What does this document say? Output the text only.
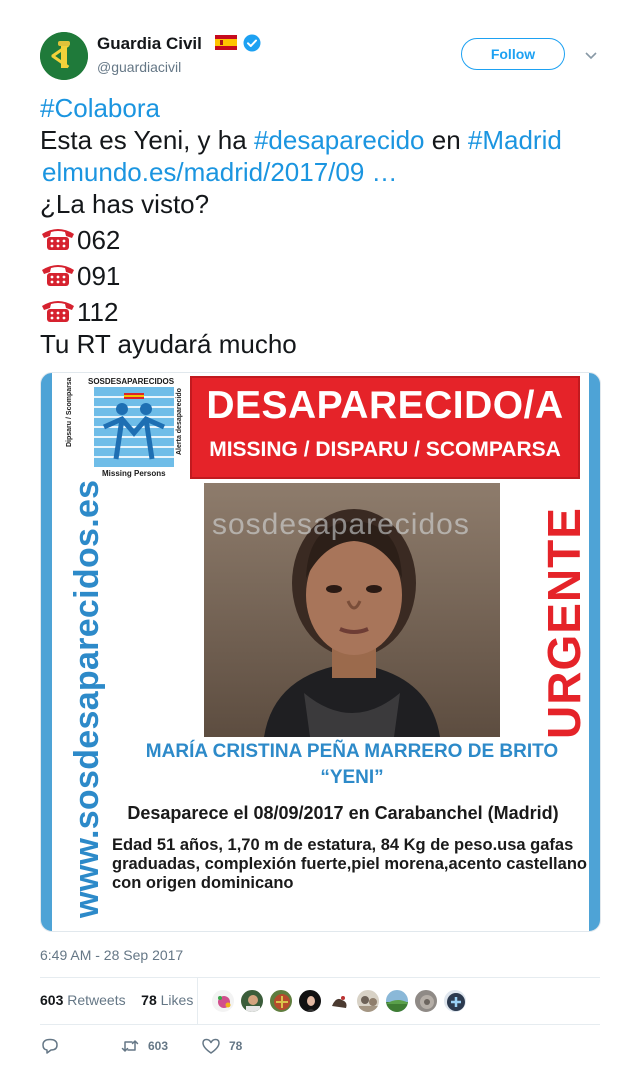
Guardia Civil
@guardiacivil
Follow
#Colabora
Esta es Yeni, y ha #desaparecido en #Madrid
elmundo.es/madrid/2017/09 …
¿La has visto?
062
091
112
Tu RT ayudará mucho
SOSDESAPARECIDOS
Missing Persons
Dipsaru / Scomparsa	Alerta desaparecido DESAPARECIDO/A
MISSING / DISPARU / SCOMPARSA
sosdesaparecidos
www.sosdesaparecidos.es	URGENTE
MARÍA CRISTINA PEÑA MARRERO DE BRITO
“YENI”
Desaparece el 08/09/2017 en Carabanchel (Madrid)
Edad 51 años, 1,70 m de estatura, 84 Kg de peso.usa gafas graduadas, complexión fuerte,piel morena,acento castellano con origen dominicano
6:49 AM - 28 Sep 2017
603 Retweets 78 Likes
603	78
